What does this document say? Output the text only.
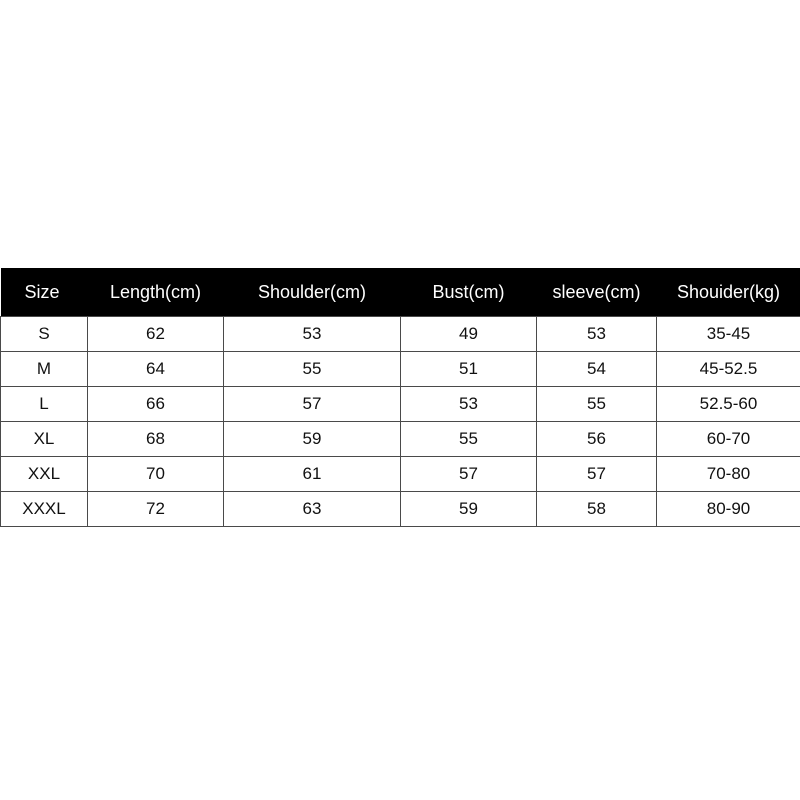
Size	Length(cm)	Shoulder(cm)	Bust(cm)	sleeve(cm)	Shouider(kg)
S	62	53	49	53	35-45
M	64	55	51	54	45-52.5
L	66	57	53	55	52.5-60
XL	68	59	55	56	60-70
XXL	70	61	57	57	70-80
XXXL	72	63	59	58	80-90
